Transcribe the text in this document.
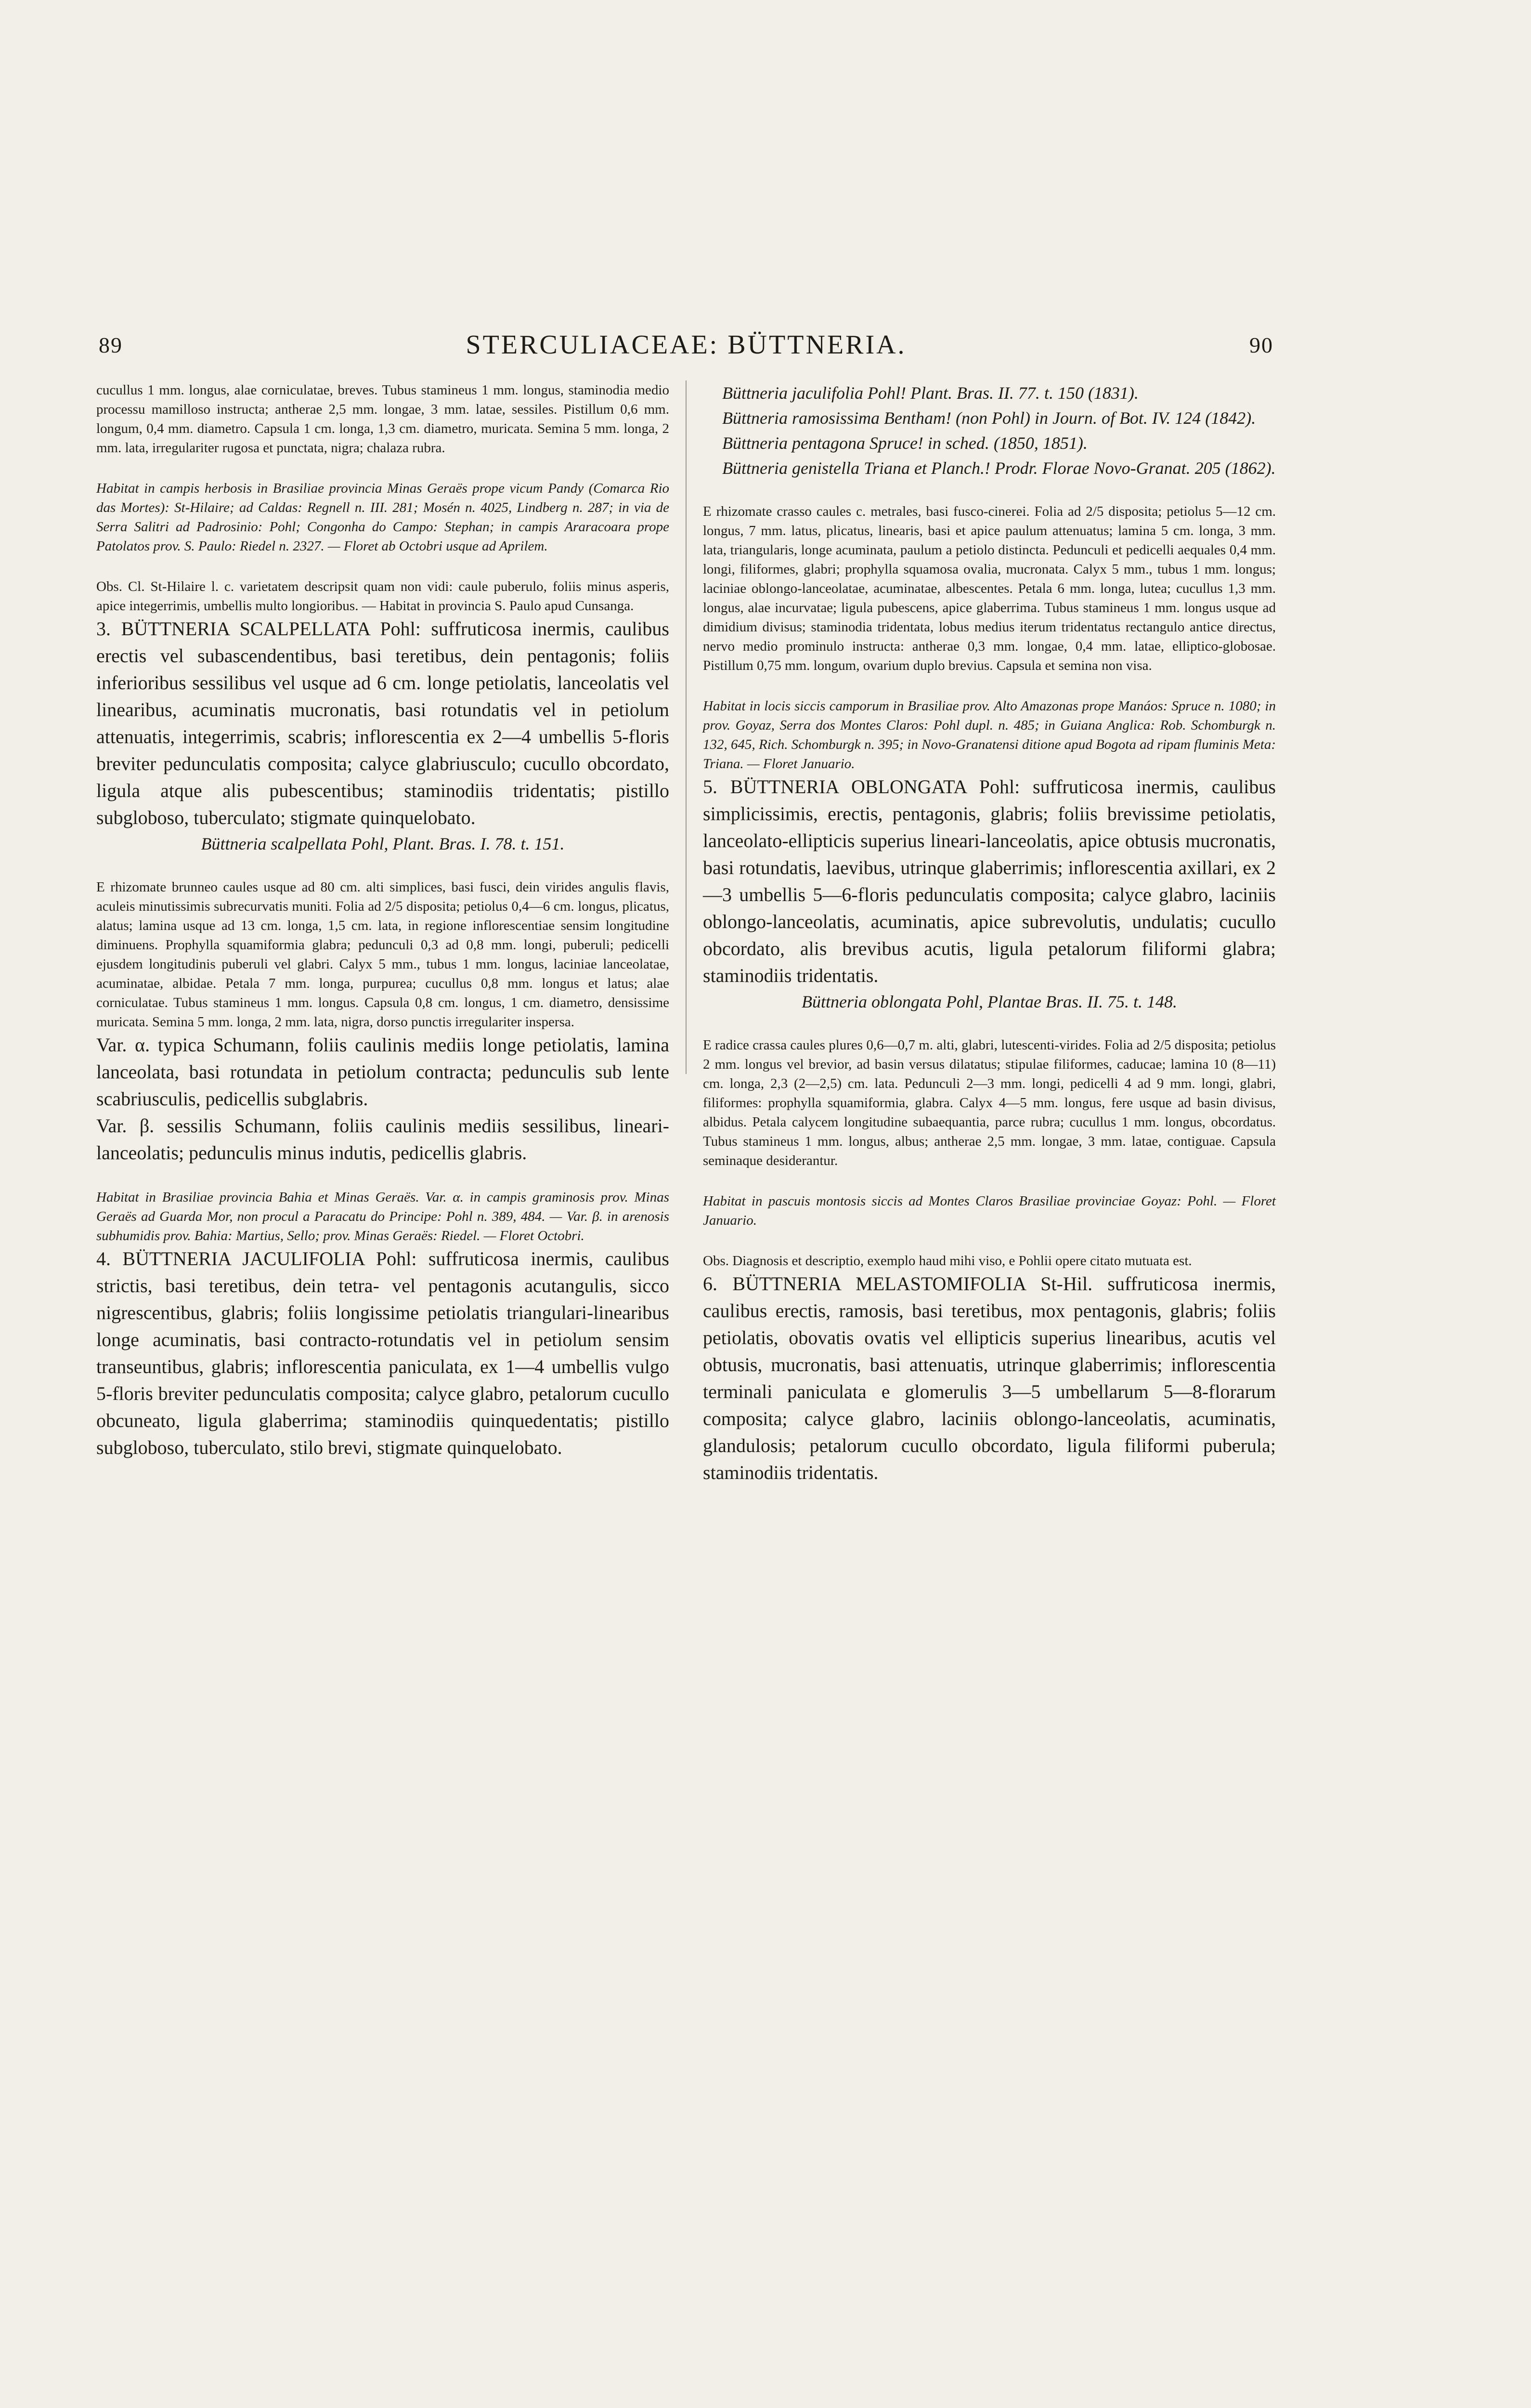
89	STERCULIACEAE: BÜTTNERIA.	90

cucullus 1 mm. longus, alae corniculatae, breves. Tubus staminеus 1 mm. longus, staminodia medio processu mamilloso instructa; antherae 2,5 mm. longae, 3 mm. latae, sessiles. Pistillum 0,6 mm. longum, 0,4 mm. diametro. Capsula 1 cm. longa, 1,3 cm. diametro, muricata. Semina 5 mm. longa, 2 mm. lata, irregulariter rugosa et punctata, nigra; chalaza rubra.

Habitat in campis herbosis in Brasiliae provincia Minas Geraës prope vicum Pandy (Comarca Rio das Mortes): St-Hilaire; ad Caldas: Regnell n. III. 281; Mosén n. 4025, Lindberg n. 287; in via de Serra Salitri ad Padrosinio: Pohl; Congonha do Campo: Stephan; in campis Araracoara prope Patolatos prov. S. Paulo: Riedel n. 2327. — Floret ab Octobri usque ad Aprilem.

Obs. Cl. St-Hilaire l. c. varietatem descripsit quam non vidi: caule puberulo, foliis minus asperis, apice integerrimis, umbellis multo longioribus. — Habitat in provincia S. Paulo apud Cunsanga.

3. BÜTTNERIA SCALPELLATA Pohl: suffruticosa inermis, caulibus erectis vel subascendentibus, basi teretibus, dein pentagonis; foliis inferioribus sessilibus vel usque ad 6 cm. longe petiolatis, lanceolatis vel linearibus, acuminatis mucronatis, basi rotundatis vel in petiolum attenuatis, integerrimis, scabris; inflorescentia ex 2—4 umbellis 5-floris breviter pedunculatis composita; calyce glabriusculo; cucullo obcordato, ligula atque alis pubescentibus; staminodiis tridentatis; pistillo subgloboso, tuberculato; stigmate quinquelobato.

Büttneria scalpellata Pohl, Plant. Bras. I. 78. t. 151.

E rhizomate brunneo caules usque ad 80 cm. alti simplices, basi fusci, dein virides angulis flavis, aculeis minutissimis subrecurvatis muniti. Folia ad 2/5 disposita; petiolus 0,4—6 cm. longus, plicatus, alatus; lamina usque ad 13 cm. longa, 1,5 cm. lata, in regione inflorescentiae sensim longitudine diminuens. Prophylla squamiformia glabra; pedunculi 0,3 ad 0,8 mm. longi, puberuli; pedicelli ejusdem longitudinis puberuli vel glabri. Calyx 5 mm., tubus 1 mm. longus, laciniae lanceolatae, acuminatae, albidae. Petala 7 mm. longa, purpurea; cucullus 0,8 mm. longus et latus; alae corniculatae. Tubus staminеus 1 mm. longus. Capsula 0,8 cm. longus, 1 cm. diametro, densissime muricata. Semina 5 mm. longa, 2 mm. lata, nigra, dorso punctis irregulariter inspersa.

Var. α. typica Schumann, foliis caulinis mediis longe petiolatis, lamina lanceolata, basi rotundata in petiolum contracta; pedunculis sub lente scabriusculis, pedicellis subglabris.

Var. β. sessilis Schumann, foliis caulinis mediis sessilibus, lineari-lanceolatis; pedunculis minus indutis, pedicellis glabris.

Habitat in Brasiliae provincia Bahia et Minas Geraës. Var. α. in campis graminosis prov. Minas Geraës ad Guarda Mor, non procul a Paracatu do Principe: Pohl n. 389, 484. — Var. β. in arenosis subhumidis prov. Bahia: Martius, Sello; prov. Minas Geraës: Riedel. — Floret Octobri.

4. BÜTTNERIA JACULIFOLIA Pohl: suffruticosa inermis, caulibus strictis, basi teretibus, dein tetra- vel pentagonis acutangulis, sicco nigrescentibus, glabris; foliis longissime petiolatis triangulari-linearibus longe acuminatis, basi contracto-rotundatis vel in petiolum sensim transeuntibus, glabris; inflorescentia paniculata, ex 1—4 umbellis vulgo 5-floris breviter pedunculatis composita; calyce glabro, petalorum cucullo obcuneato, ligula glaberrima; staminodiis quinquedentatis; pistillo subgloboso, tuberculato, stilo brevi, stigmate quinquelobato.

Büttneria jaculifolia Pohl! Plant. Bras. II. 77. t. 150 (1831).

Büttneria ramosissima Bentham! (non Pohl) in Journ. of Bot. IV. 124 (1842).

Büttneria pentagona Spruce! in sched. (1850, 1851).

Büttneria genistella Triana et Planch.! Prodr. Florae Novo-Granat. 205 (1862).

E rhizomate crasso caules c. metrales, basi fusco-cinerei. Folia ad 2/5 disposita; petiolus 5—12 cm. longus, 7 mm. latus, plicatus, linearis, basi et apice paulum attenuatus; lamina 5 cm. longa, 3 mm. lata, triangularis, longe acuminata, paulum a petiolo distincta. Pedunculi et pedicelli aequales 0,4 mm. longi, filiformes, glabri; prophylla squamosa ovalia, mucronata. Calyx 5 mm., tubus 1 mm. longus; laciniae oblongo-lanceolatae, acuminatae, albescentes. Petala 6 mm. longa, lutea; cucullus 1,3 mm. longus, alae incurvatae; ligula pubescens, apice glaberrima. Tubus staminеus 1 mm. longus usque ad dimidium divisus; staminodia tridentata, lobus medius iterum tridentatus rectangulo antice directus, nervo medio prominulo instructa: antherae 0,3 mm. longae, 0,4 mm. latae, elliptico-globosae. Pistillum 0,75 mm. longum, ovarium duplo brevius. Capsula et semina non visa.

Habitat in locis siccis camporum in Brasiliae prov. Alto Amazonas prope Manáos: Spruce n. 1080; in prov. Goyaz, Serra dos Montes Claros: Pohl dupl. n. 485; in Guiana Anglica: Rob. Schomburgk n. 132, 645, Rich. Schomburgk n. 395; in Novo-Granatensi ditione apud Bogota ad ripam fluminis Meta: Triana. — Floret Januario.

5. BÜTTNERIA OBLONGATA Pohl: suffruticosa inermis, caulibus simplicissimis, erectis, pentagonis, glabris; foliis brevissime petiolatis, lanceolato-ellipticis superius lineari-lanceolatis, apice obtusis mucronatis, basi rotundatis, laevibus, utrinque glaberrimis; inflorescentia axillari, ex 2—3 umbellis 5—6-floris pedunculatis composita; calyce glabro, laciniis oblongo-lanceolatis, acuminatis, apice subrevolutis, undulatis; cucullo obcordato, alis brevibus acutis, ligula petalorum filiformi glabra; staminodiis tridentatis.

Büttneria oblongata Pohl, Plantae Bras. II. 75. t. 148.

E radice crassa caules plures 0,6—0,7 m. alti, glabri, lutescenti-virides. Folia ad 2/5 disposita; petiolus 2 mm. longus vel brevior, ad basin versus dilatatus; stipulae filiformes, caducae; lamina 10 (8—11) cm. longa, 2,3 (2—2,5) cm. lata. Pedunculi 2—3 mm. longi, pedicelli 4 ad 9 mm. longi, glabri, filiformes: prophylla squamiformia, glabra. Calyx 4—5 mm. longus, fere usque ad basin divisus, albidus. Petala calycem longitudine subaequantia, parce rubra; cucullus 1 mm. longus, obcordatus. Tubus staminеus 1 mm. longus, albus; antherae 2,5 mm. longae, 3 mm. latae, contiguae. Capsula seminaque desiderantur.

Habitat in pascuis montosis siccis ad Montes Claros Brasiliae provinciae Goyaz: Pohl. — Floret Januario.

Obs. Diagnosis et descriptio, exemplo haud mihi viso, e Pohlii opere citato mutuata est.

6. BÜTTNERIA MELASTOMIFOLIA St-Hil. suffruticosa inermis, caulibus erectis, ramosis, basi teretibus, mox pentagonis, glabris; foliis petiolatis, obovatis ovatis vel ellipticis superius linearibus, acutis vel obtusis, mucronatis, basi attenuatis, utrinque glaberrimis; inflorescentia terminali paniculata e glomerulis 3—5 umbellarum 5—8-florarum composita; calyce glabro, laciniis oblongo-lanceolatis, acuminatis, glandulosis; petalorum cucullo obcordato, ligula filiformi puberula; staminodiis tridentatis.
